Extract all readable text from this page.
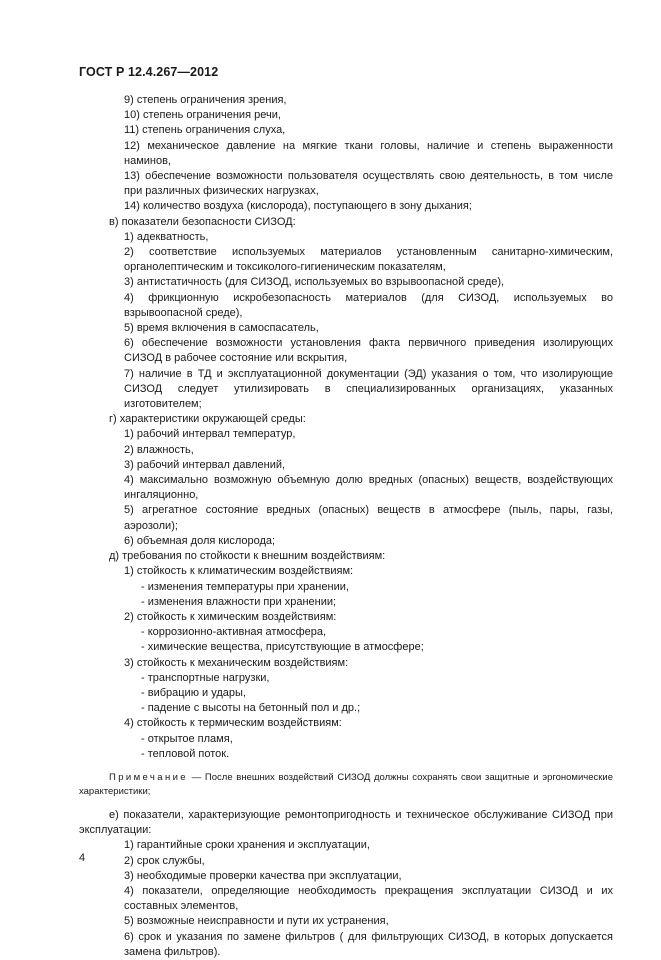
ГОСТ Р 12.4.267—2012

9) степень ограничения зрения,

10) степень ограничения речи,

11) степень ограничения слуха,

12) механическое давление на мягкие ткани головы, наличие и степень выраженности наминов,

13) обеспечение возможности пользователя осуществлять свою деятельность, в том числе при различных физических нагрузках,

14) количество воздуха (кислорода), поступающего в зону дыхания;

в) показатели безопасности СИЗОД:

1) адекватность,

2) соответствие используемых материалов установленным санитарно-химическим, органолептическим и токсиколого-гигиеническим показателям,

3) антистатичность (для СИЗОД, используемых во взрывоопасной среде),

4) фрикционную искробезопасность материалов (для СИЗОД, используемых во взрывоопасной среде),

5) время включения в самоспасатель,

6) обеспечение возможности установления факта первичного приведения изолирующих СИЗОД в рабочее состояние или вскрытия,

7) наличие в ТД и эксплуатационной документации (ЭД) указания о том, что изолирующие СИЗОД следует утилизировать в специализированных организациях, указанных изготовителем;

г) характеристики окружающей среды:

1) рабочий интервал температур,

2) влажность,

3) рабочий интервал давлений,

4) максимально возможную объемную долю вредных (опасных) веществ, воздействующих ингаляционно,

5) агрегатное состояние вредных (опасных) веществ в атмосфере (пыль, пары, газы, аэрозоли);

6) объемная доля кислорода;

д) требования по стойкости к внешним воздействиям:

1) стойкость к климатическим воздействиям:

- изменения температуры при хранении,

- изменения влажности при хранении;

2) стойкость к химическим воздействиям:

- коррозионно-активная атмосфера,

- химические вещества, присутствующие в атмосфере;

3) стойкость к механическим воздействиям:

- транспортные нагрузки,

- вибрацию и удары,

- падение с высоты на бетонный пол и др.;

4) стойкость к термическим воздействиям:

- открытое пламя,

- тепловой поток.

Примечание — После внешних воздействий СИЗОД должны сохранять свои защитные и эргономические характеристики;

е) показатели, характеризующие ремонтопригодность и техническое обслуживание СИЗОД при эксплуатации:

1) гарантийные сроки хранения и эксплуатации,

2) срок службы,

3) необходимые проверки качества при эксплуатации,

4) показатели, определяющие необходимость прекращения эксплуатации СИЗОД и их составных элементов,

5) возможные неисправности и пути их устранения,

6) срок и указания по замене фильтров ( для фильтрующих СИЗОД, в которых допускается замена фильтров).

4
